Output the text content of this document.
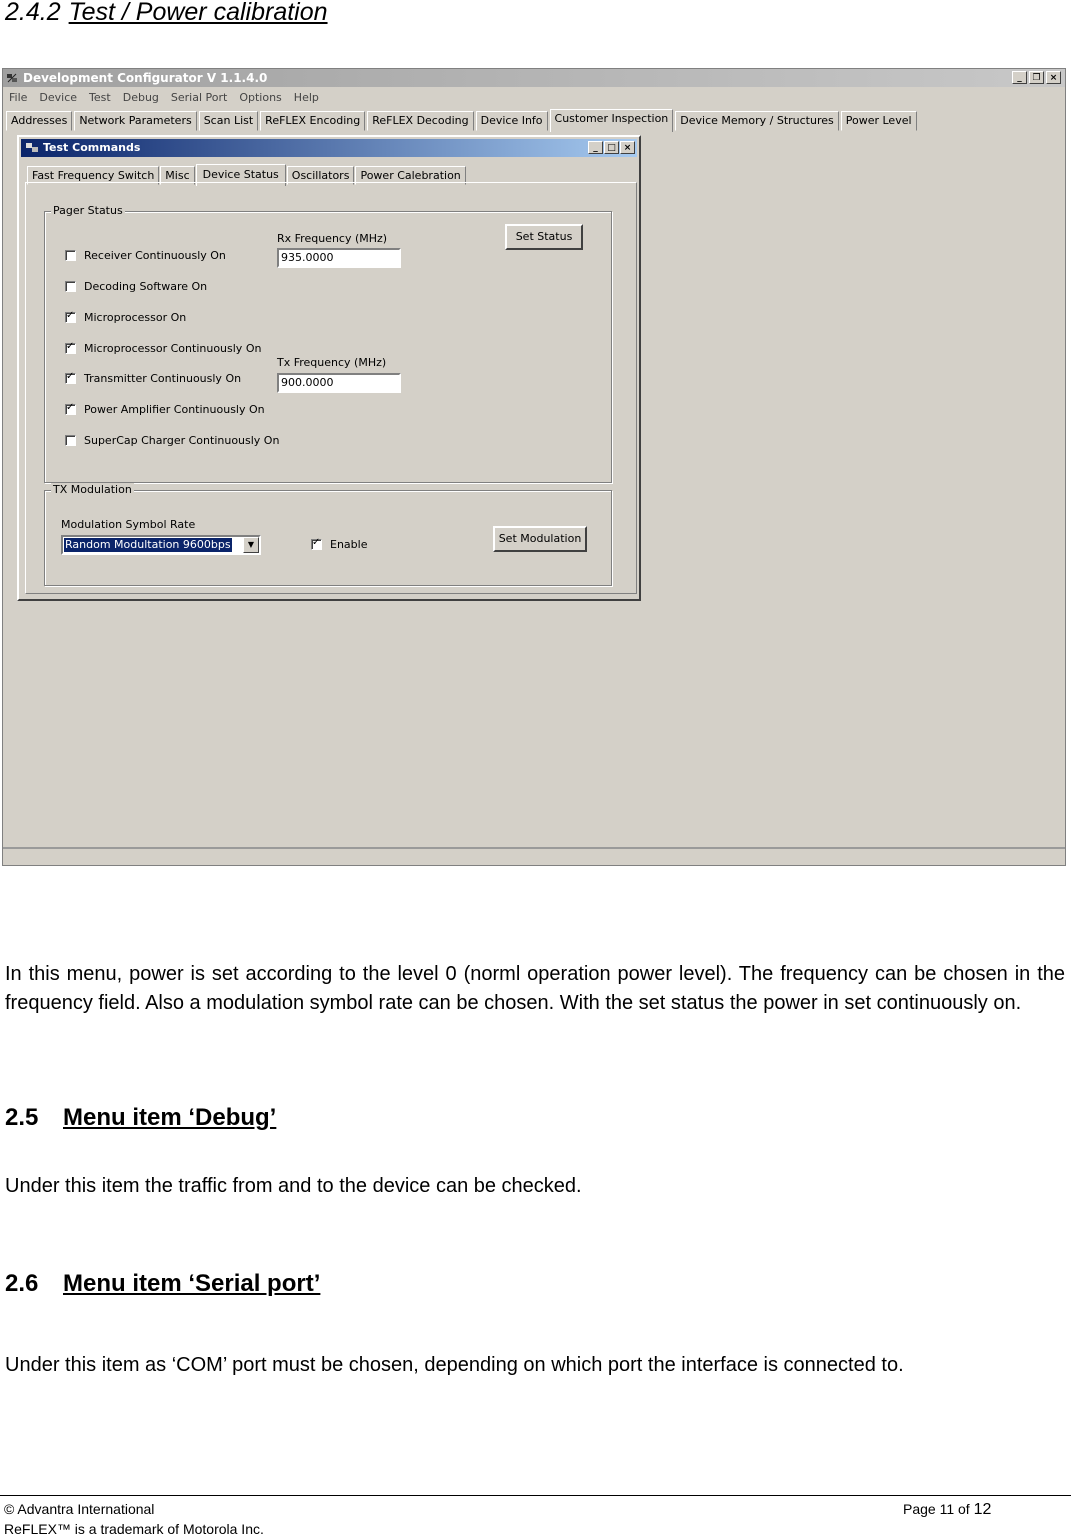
2.4.2 Test / Power calibration
Development Configurator V 1.1.4.0	_	❐	×
File	Device	Test	Debug	Serial Port	Options	Help
Addresses	Network Parameters	Scan List	ReFLEX Encoding	ReFLEX Decoding	Device Info	Customer Inspection	Device Memory / Structures	Power Level
Test Commands	_	□ ×
Fast Frequency Switch	Misc	Device Status	Oscillators	Power Calebration
Pager Status
Receiver Continuously On
Decoding Software On
✓
Microprocessor On
✓
Microprocessor Continuously On
✓
Transmitter Continuously On
✓
Power Amplifier Continuously On
SuperCap Charger Continuously On
Rx Frequency (MHz)
935.0000
Tx Frequency (MHz)
900.0000
Set Status
TX Modulation
Modulation Symbol Rate
Random Modultation 9600bps	▼
✓	Enable	Set Modulation
In this menu, power is set according to the level 0 (norml operation power level). The frequency can be chosen in the frequency field. Also a modulation symbol rate can be chosen. With the set status the power in set continuously on.
2.5 Menu item ‘Debug’
Under this item the traffic from and to the device can be checked.
2.6 Menu item ‘Serial port’
Under this item as ‘COM’ port must be chosen, depending on which port the interface is connected to.
© Advantra International
ReFLEX™ is a trademark of Motorola Inc.
Page 11 of 12
